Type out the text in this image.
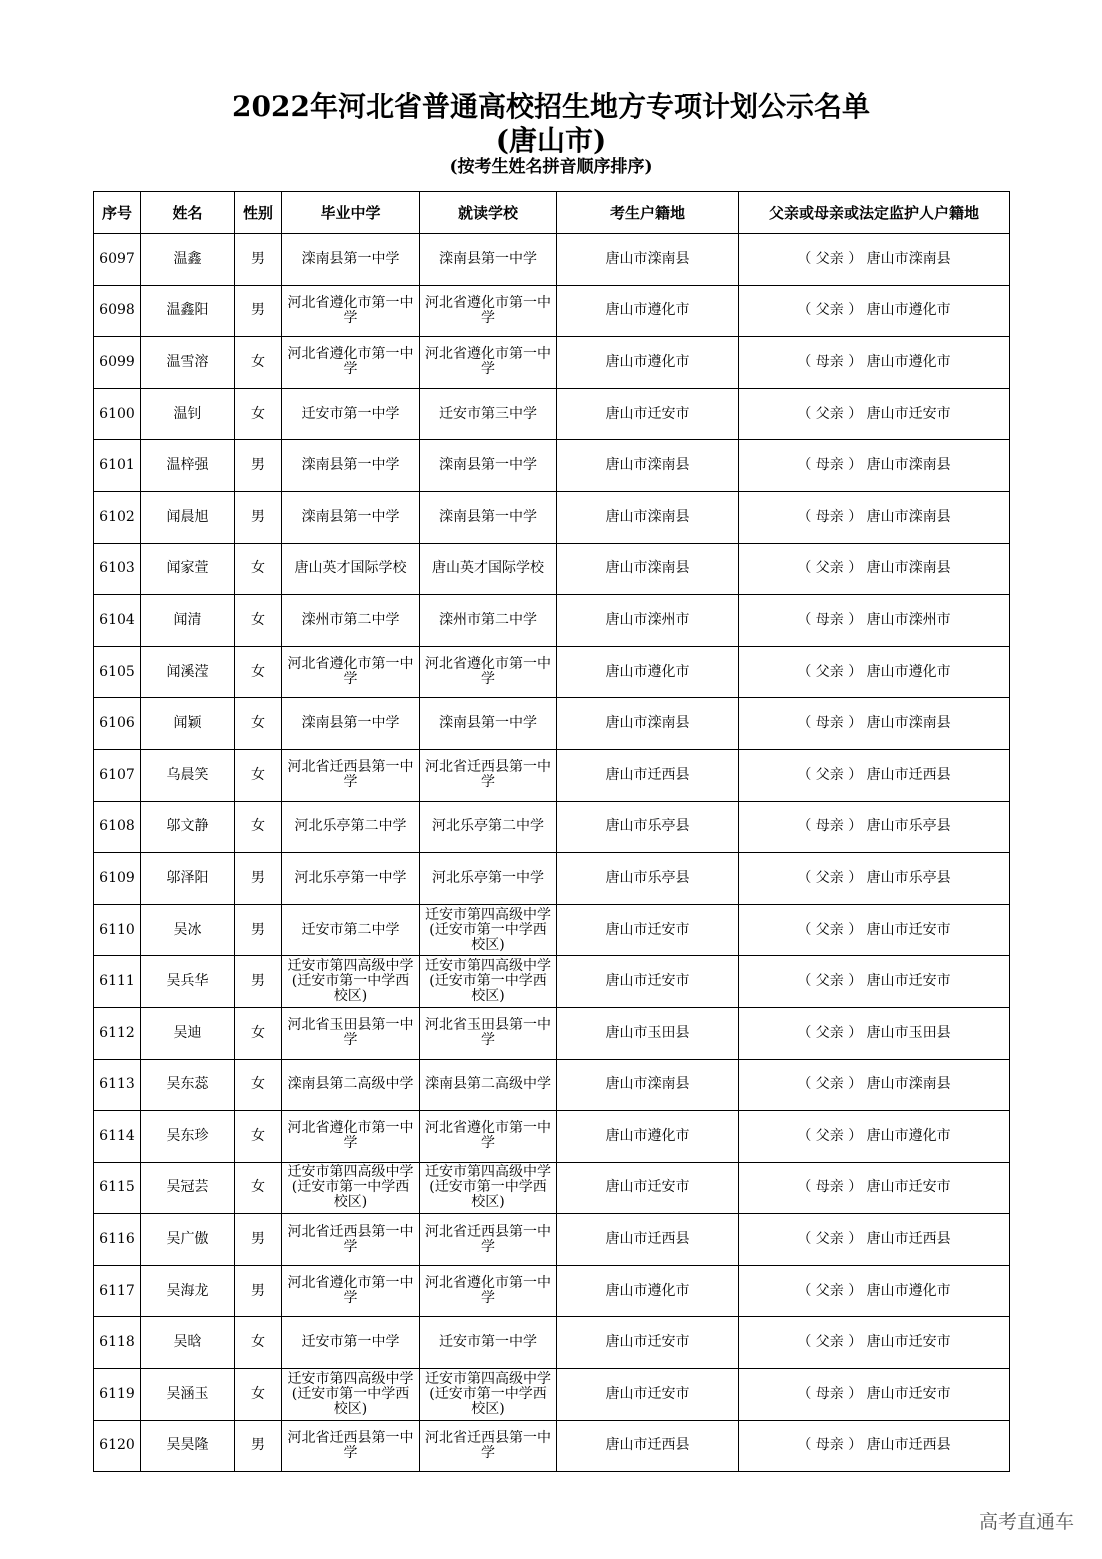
2022年河北省普通高校招生地方专项计划公示名单
(唐山市)
(按考生姓名拼音顺序排序)
序号	姓名	性别	毕业中学	就读学校	考生户籍地	父亲或母亲或法定监护人户籍地
6097	温鑫	男	滦南县第一中学	滦南县第一中学	唐山市滦南县	（ 父亲 ） 唐山市滦南县
6098	温鑫阳	男	河北省遵化市第一中学	河北省遵化市第一中学	唐山市遵化市	（ 父亲 ） 唐山市遵化市
6099	温雪溶	女	河北省遵化市第一中学	河北省遵化市第一中学	唐山市遵化市	（ 母亲 ） 唐山市遵化市
6100	温钊	女	迁安市第一中学	迁安市第三中学	唐山市迁安市	（ 父亲 ） 唐山市迁安市
6101	温梓强	男	滦南县第一中学	滦南县第一中学	唐山市滦南县	（ 母亲 ） 唐山市滦南县
6102	闻晨旭	男	滦南县第一中学	滦南县第一中学	唐山市滦南县	（ 母亲 ） 唐山市滦南县
6103	闻家萱	女	唐山英才国际学校	唐山英才国际学校	唐山市滦南县	（ 父亲 ） 唐山市滦南县
6104	闻清	女	滦州市第二中学	滦州市第二中学	唐山市滦州市	（ 母亲 ） 唐山市滦州市
6105	闻溪滢	女	河北省遵化市第一中学	河北省遵化市第一中学	唐山市遵化市	（ 父亲 ） 唐山市遵化市
6106	闻颖	女	滦南县第一中学	滦南县第一中学	唐山市滦南县	（ 母亲 ） 唐山市滦南县
6107	乌晨笑	女	河北省迁西县第一中学	河北省迁西县第一中学	唐山市迁西县	（ 父亲 ） 唐山市迁西县
6108	邬文静	女	河北乐亭第二中学	河北乐亭第二中学	唐山市乐亭县	（ 母亲 ） 唐山市乐亭县
6109	邬泽阳	男	河北乐亭第一中学	河北乐亭第一中学	唐山市乐亭县	（ 父亲 ） 唐山市乐亭县
6110	吴冰	男	迁安市第二中学	迁安市第四高级中学(迁安市第一中学西校区)	唐山市迁安市	（ 父亲 ） 唐山市迁安市
6111	吴兵华	男	迁安市第四高级中学(迁安市第一中学西校区)	迁安市第四高级中学(迁安市第一中学西校区)	唐山市迁安市	（ 父亲 ） 唐山市迁安市
6112	吴迪	女	河北省玉田县第一中学	河北省玉田县第一中学	唐山市玉田县	（ 父亲 ） 唐山市玉田县
6113	吴东蕊	女	滦南县第二高级中学	滦南县第二高级中学	唐山市滦南县	（ 父亲 ） 唐山市滦南县
6114	吴东珍	女	河北省遵化市第一中学	河北省遵化市第一中学	唐山市遵化市	（ 父亲 ） 唐山市遵化市
6115	吴冠芸	女	迁安市第四高级中学(迁安市第一中学西校区)	迁安市第四高级中学(迁安市第一中学西校区)	唐山市迁安市	（ 母亲 ） 唐山市迁安市
6116	吴广傲	男	河北省迁西县第一中学	河北省迁西县第一中学	唐山市迁西县	（ 父亲 ） 唐山市迁西县
6117	吴海龙	男	河北省遵化市第一中学	河北省遵化市第一中学	唐山市遵化市	（ 父亲 ） 唐山市遵化市
6118	吴晗	女	迁安市第一中学	迁安市第一中学	唐山市迁安市	（ 父亲 ） 唐山市迁安市
6119	吴涵玉	女	迁安市第四高级中学(迁安市第一中学西校区)	迁安市第四高级中学(迁安市第一中学西校区)	唐山市迁安市	（ 母亲 ） 唐山市迁安市
6120	吴昊隆	男	河北省迁西县第一中学	河北省迁西县第一中学	唐山市迁西县	（ 母亲 ） 唐山市迁西县
高考直通车
